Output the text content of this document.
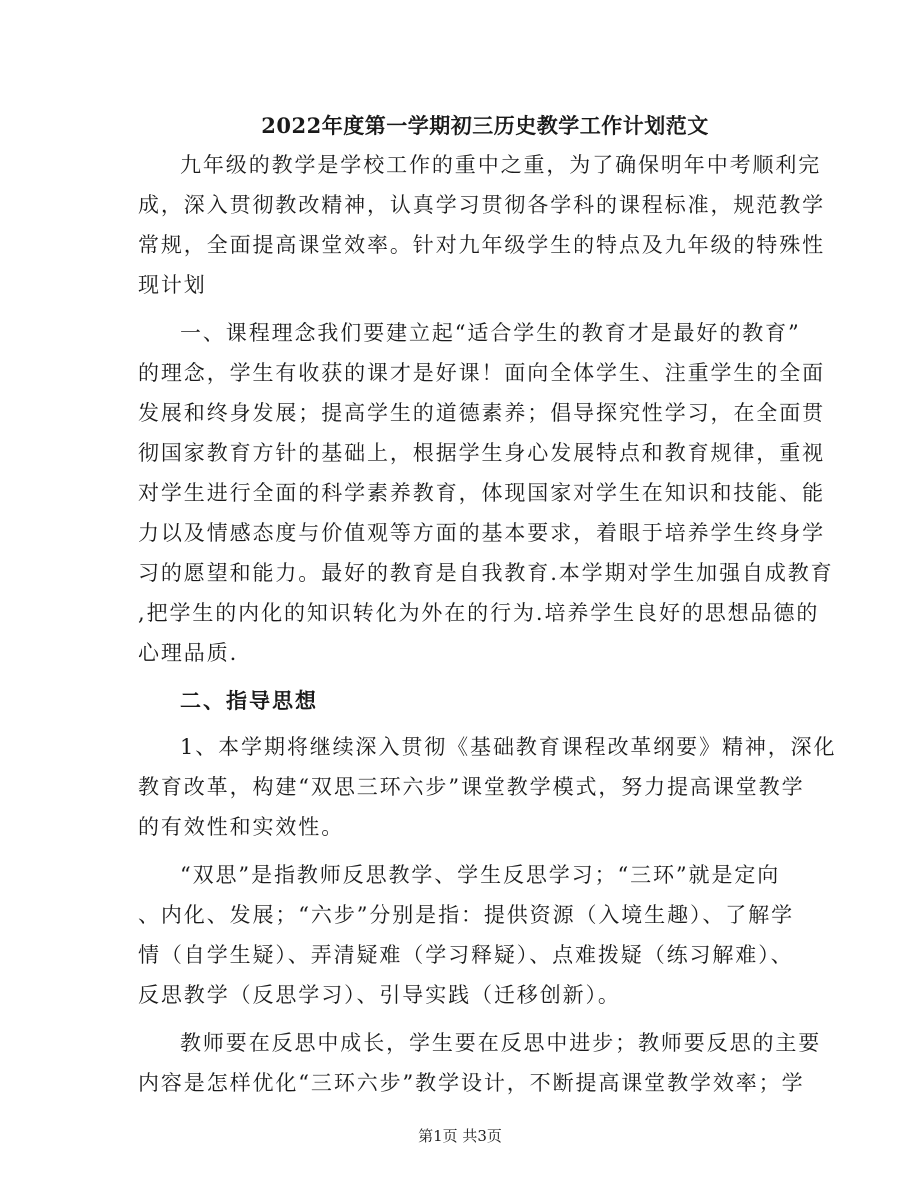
2022年度第一学期初三历史教学工作计划范文
九年级的教学是学校工作的重中之重，为了确保明年中考顺利完
成，深入贯彻教改精神，认真学习贯彻各学科的课程标准，规范教学
常规，全面提高课堂效率。针对九年级学生的特点及九年级的特殊性
现计划
一、课程理念我们要建立起“适合学生的教育才是最好的教育”
的理念，学生有收获的课才是好课！面向全体学生、注重学生的全面
发展和终身发展；提高学生的道德素养；倡导探究性学习，在全面贯
彻国家教育方针的基础上，根据学生身心发展特点和教育规律，重视
对学生进行全面的科学素养教育，体现国家对学生在知识和技能、能
力以及情感态度与价值观等方面的基本要求，着眼于培养学生终身学
习的愿望和能力。最好的教育是自我教育.本学期对学生加强自成教育
,把学生的内化的知识转化为外在的行为.培养学生良好的思想品德的
心理品质.
二、指导思想
1、本学期将继续深入贯彻《基础教育课程改革纲要》精神，深化
教育改革，构建“双思三环六步”课堂教学模式，努力提高课堂教学
的有效性和实效性。
“双思”是指教师反思教学、学生反思学习；“三环”就是定向
、内化、发展；“六步”分别是指：提供资源（入境生趣）、了解学
情（自学生疑）、弄清疑难（学习释疑）、点难拨疑（练习解难）、
反思教学（反思学习）、引导实践（迁移创新）。
教师要在反思中成长，学生要在反思中进步；教师要反思的主要
内容是怎样优化“三环六步”教学设计，不断提高课堂教学效率；学
第1页 共3页
